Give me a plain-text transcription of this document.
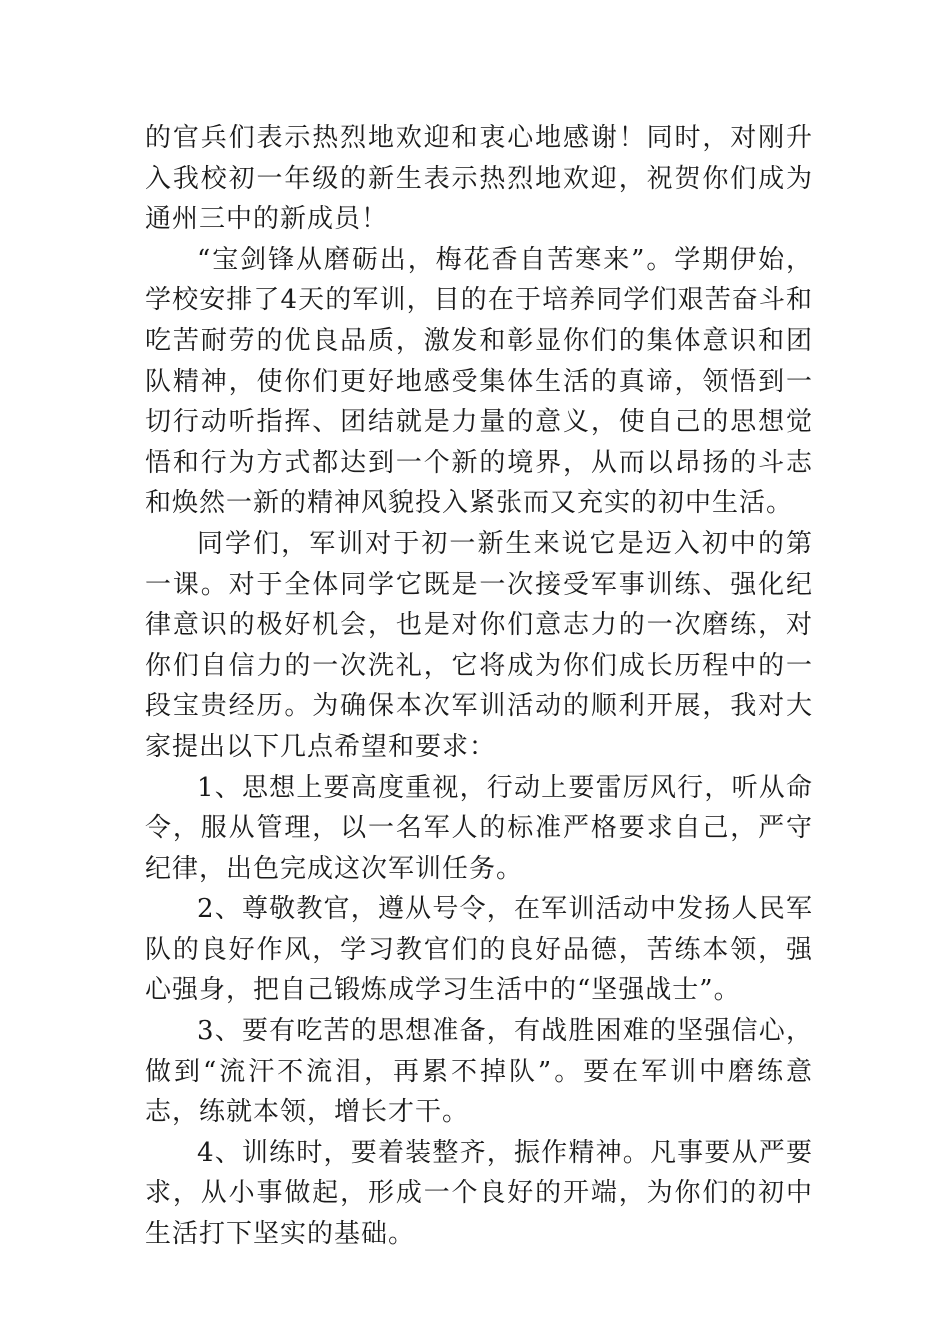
的官兵们表示热烈地欢迎和衷心地感谢！同时，对刚升入我校初一年级的新生表示热烈地欢迎，祝贺你们成为通州三中的新成员！

“宝剑锋从磨砺出，梅花香自苦寒来”。学期伊始，学校安排了4天的军训，目的在于培养同学们艰苦奋斗和吃苦耐劳的优良品质，激发和彰显你们的集体意识和团队精神，使你们更好地感受集体生活的真谛，领悟到一切行动听指挥、团结就是力量的意义，使自己的思想觉悟和行为方式都达到一个新的境界，从而以昂扬的斗志和焕然一新的精神风貌投入紧张而又充实的初中生活。

同学们，军训对于初一新生来说它是迈入初中的第一课。对于全体同学它既是一次接受军事训练、强化纪律意识的极好机会，也是对你们意志力的一次磨练，对你们自信力的一次洗礼，它将成为你们成长历程中的一段宝贵经历。为确保本次军训活动的顺利开展，我对大家提出以下几点希望和要求：

1、思想上要高度重视，行动上要雷厉风行，听从命令，服从管理，以一名军人的标准严格要求自己，严守纪律，出色完成这次军训任务。

2、尊敬教官，遵从号令，在军训活动中发扬人民军队的良好作风，学习教官们的良好品德，苦练本领，强心强身，把自己锻炼成学习生活中的“坚强战士”。

3、要有吃苦的思想准备，有战胜困难的坚强信心，做到“流汗不流泪，再累不掉队”。要在军训中磨练意志，练就本领，增长才干。

4、训练时，要着装整齐，振作精神。凡事要从严要求，从小事做起，形成一个良好的开端，为你们的初中生活打下坚实的基础。
